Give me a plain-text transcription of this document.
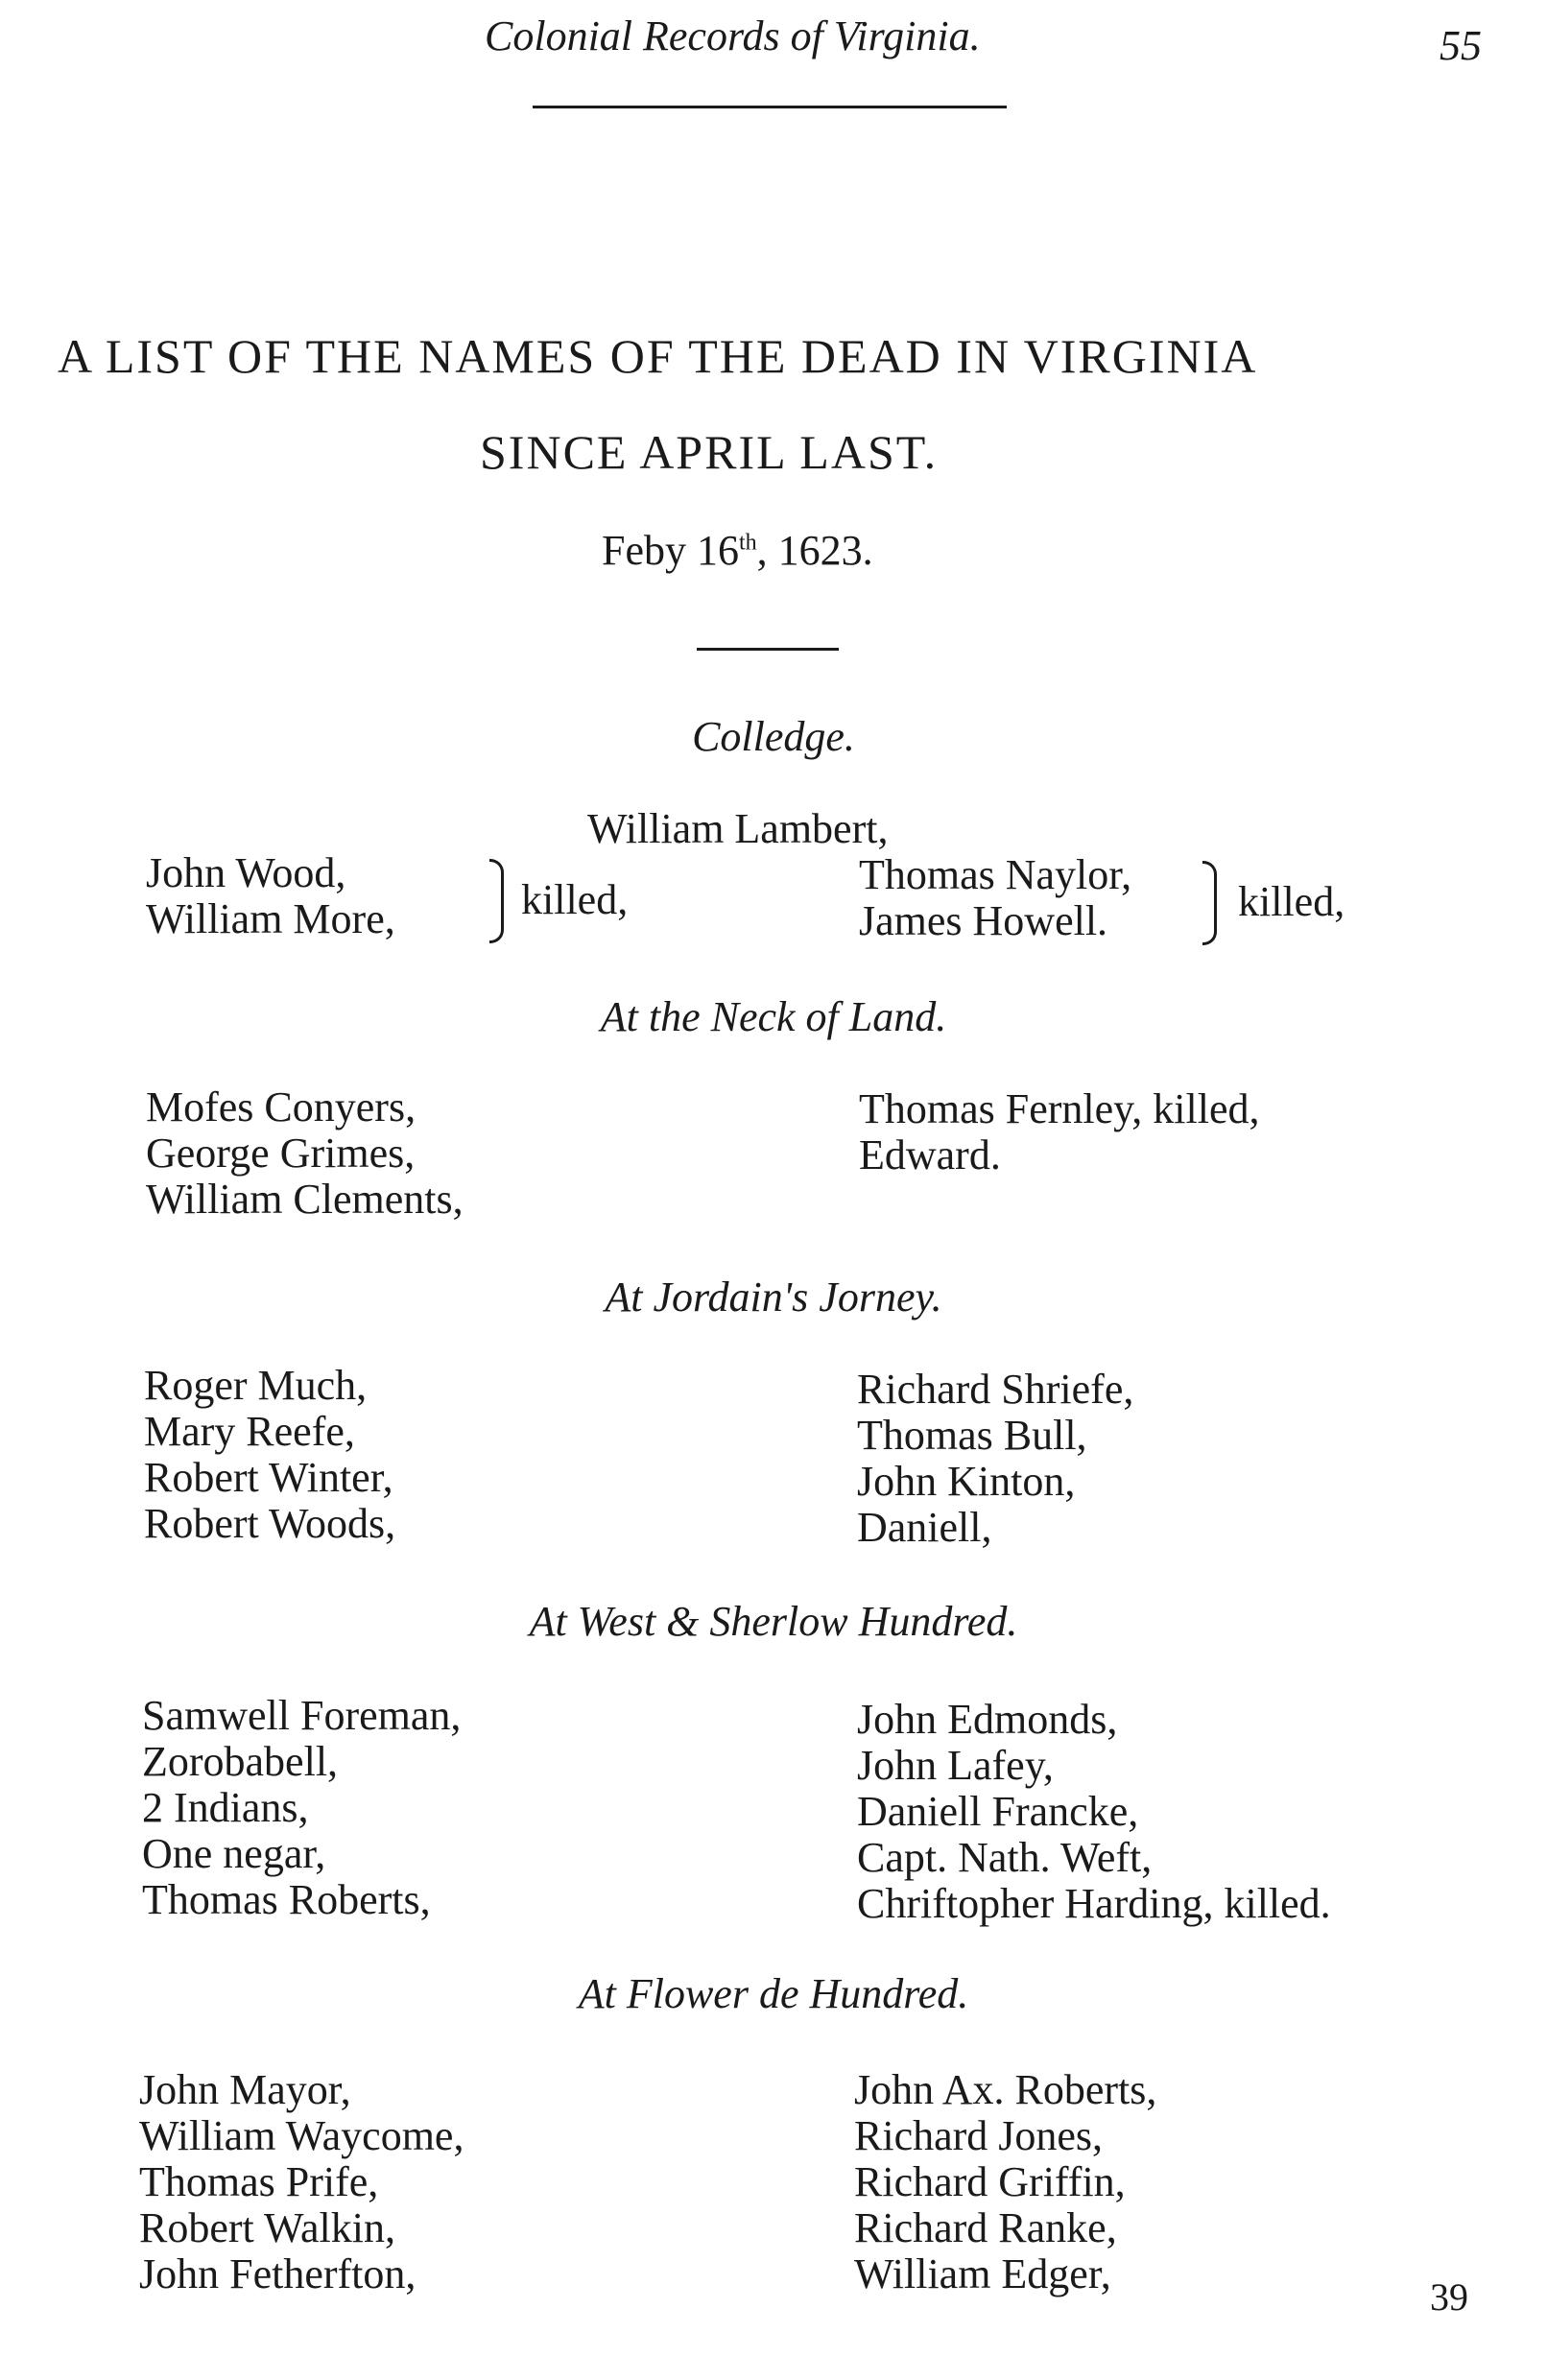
Colonial Records of Virginia.	55
A LIST OF THE NAMES OF THE DEAD IN VIRGINIA
SINCE APRIL LAST.
Feby 16th, 1623.
Colledge.
William Lambert,
John Wood,
William More,	killed,
Thomas Naylor,
James Howell.	killed,
At the Neck of Land.
Mofes Conyers,
George Grimes,
William Clements,
Thomas Fernley, killed,
Edward.
At Jordain's Jorney.
Roger Much,
Mary Reefe,
Robert Winter,
Robert Woods,
Richard Shriefe,
Thomas Bull,
John Kinton,
Daniell,
At West & Sherlow Hundred.
Samwell Foreman,
Zorobabell,
2 Indians,
One negar,
Thomas Roberts,
John Edmonds,
John Lafey,
Daniell Francke,
Capt. Nath. Weft,
Chriftopher Harding, killed.
At Flower de Hundred.
John Mayor,
William Waycome,
Thomas Prife,
Robert Walkin,
John Fetherfton,
John Ax. Roberts,
Richard Jones,
Richard Griffin,
Richard Ranke,
William Edger,	39
